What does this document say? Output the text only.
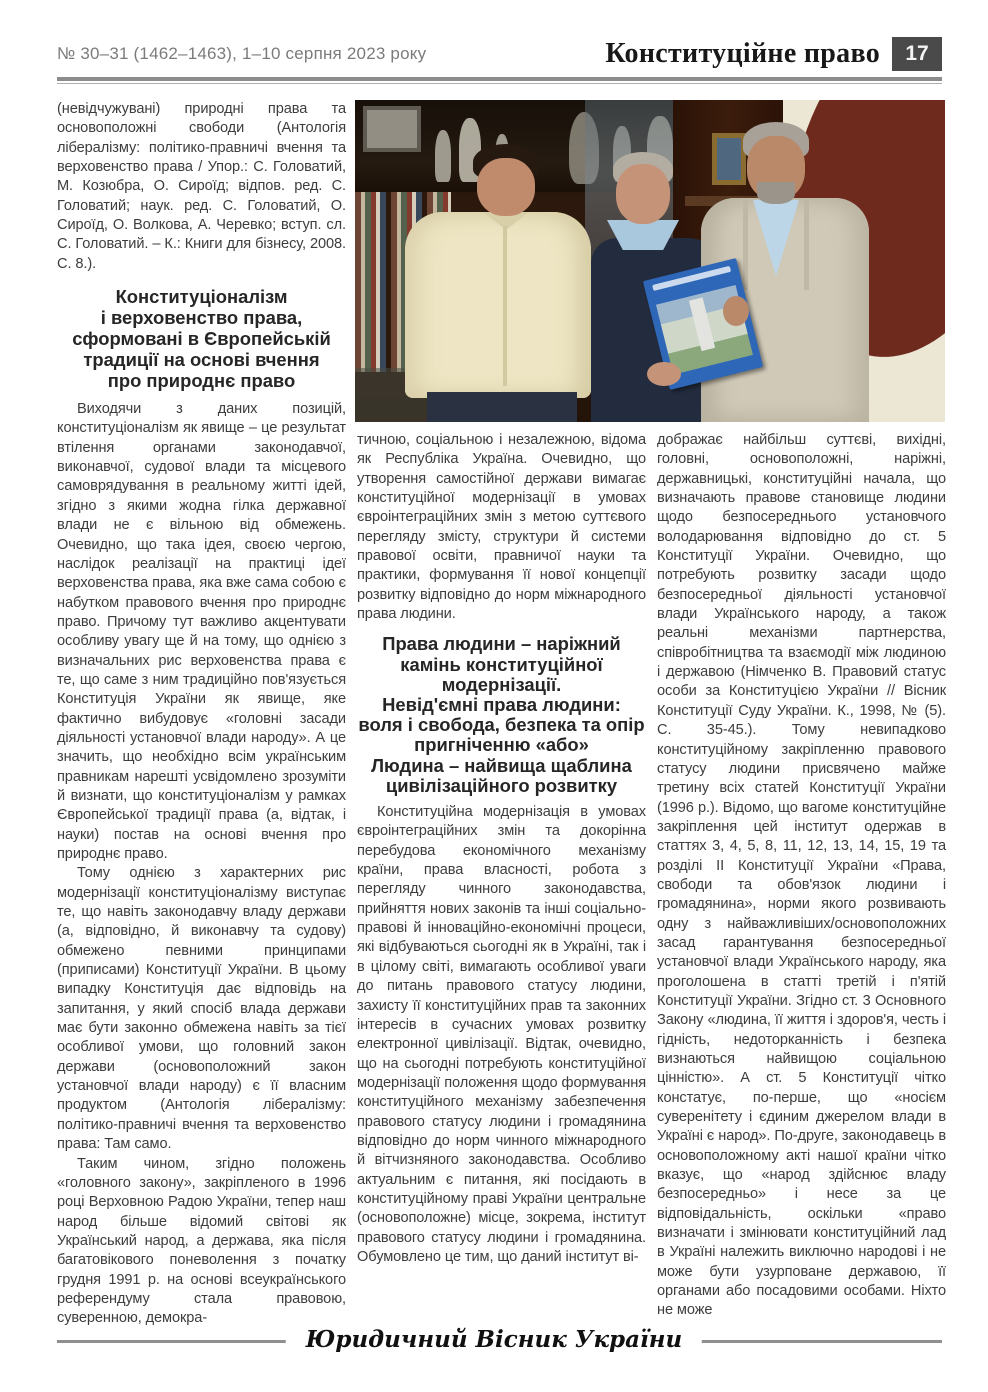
№ 30–31 (1462–1463), 1–10 серпня 2023 року	Конституційне право	17

(невідчужувані) природні права та основоположні свободи (Антологія лібералізму: політико-правничі вчення та верховенство права / Упор.: С. Головатий, М. Козюбра, О. Сироїд; відпов. ред. С. Головатий; наук. ред. С. Головатий, О. Сироїд, О. Волкова, А. Черевко; вступ. сл. С. Головатий. – К.: Книги для бізнесу, 2008. С. 8.).

Конституціоналізм
і верховенство права,
сформовані в Європейській
традиції на основі вчення
про природнє право

Виходячи з даних позицій, конституціоналізм як явище – це результат втілення органами законодавчої, виконавчої, судової влади та місцевого самоврядування в реальному житті ідей, згідно з якими жодна гілка державної влади не є вільною від обмежень. Очевидно, що така ідея, своєю чергою, наслідок реалізації на практиці ідеї верховенства права, яка вже сама собою є набутком правового вчення про природнє право. Причому тут важливо акцентувати особливу увагу ще й на тому, що однією з визначальних рис верховенства права є те, що саме з ним традиційно пов'язується Конституція України як явище, яке фактично вибудовує «головні засади діяльності установчої влади народу». А це значить, що необхідно всім українським правникам нарешті усвідомлено зрозуміти й визнати, що конституціоналізм у рамках Європейської традиції права (а, відтак, і науки) постав на основі вчення про природнє право.

Тому однією з характерних рис модернізації конституціоналізму виступає те, що навіть законодавчу владу держави (а, відповідно, й виконавчу та судову) обмежено певними принципами (приписами) Конституції України. В цьому випадку Конституція дає відповідь на запитання, у який спосіб влада держави має бути законно обмежена навіть за тієї особливої умови, що головний закон держави (основоположний закон установчої влади народу) є її власним продуктом (Антологія лібералізму: політико-правничі вчення та верховенство права: Там само.

Таким чином, згідно положень «головного закону», закріпленого в 1996 році Верховною Радою України, тепер наш народ більше відомий світові як Український народ, а держава, яка після багатовікового поневолення з початку грудня 1991 р. на основі всеукраїнського референдуму стала правовою, суверенною, демокра-

тичною, соціальною і незалежною, відома як Республіка Україна. Очевидно, що утворення самостійної держави вимагає конституційної модернізації в умовах євроінтеграційних змін з метою суттєвого перегляду змісту, структури й системи правової освіти, правничої науки та практики, формування її нової концепції розвитку відповідно до норм міжнародного права людини.

Права людини – наріжний
камінь конституційної
модернізації.
Невід'ємні права людини:
воля і свобода, безпека та опір
пригніченню «або»
Людина – найвища щаблина
цивілізаційного розвитку

Конституційна модернізація в умовах євроінтеграційних змін та докорінна перебудова економічного механізму країни, права власності, робота з перегляду чинного законодавства, прийняття нових законів та інші соціально-правові й інноваційно-економічні процеси, які відбуваються сьогодні як в Україні, так і в цілому світі, вимагають особливої уваги до питань правового статусу людини, захисту її конституційних прав та законних інтересів в сучасних умовах розвитку електронної цивілізації. Відтак, очевидно, що на сьогодні потребують конституційної модернізації положення щодо формування конституційного механізму забезпечення правового статусу людини і громадянина відповідно до норм чинного міжнародного й вітчизняного законодавства. Особливо актуальним є питання, які посідають в конституційному праві України центральне (основоположне) місце, зокрема, інститут правового статусу людини і громадянина. Обумовлено це тим, що даний інститут ві-

дображає найбільш суттєві, вихідні, головні, основоположні, наріжні, державницькі, конституційні начала, що визначають правове становище людини щодо безпосереднього установчого володарювання відповідно до ст. 5 Конституції України. Очевидно, що потребують розвитку засади щодо безпосередньої діяльності установчої влади Українського народу, а також реальні механізми партнерства, співробітництва та взаємодії між людиною і державою (Німченко В. Правовий статус особи за Конституцією України // Вісник Конституції Суду України. К., 1998, № (5). С. 35-45.). Тому невипадково конституційному закріпленню правового статусу людини присвячено майже третину всіх статей Конституції України (1996 р.). Відомо, що вагоме конституційне закріплення цей інститут одержав в статтях 3, 4, 5, 8, 11, 12, 13, 14, 15, 19 та розділі II Конституції України «Права, свободи та обов'язок людини і громадянина», норми якого розвивають одну з найважливіших/основоположних засад гарантування безпосередньої установчої влади Українського народу, яка проголошена в статті третій і п'ятій Конституції України. Згідно ст. 3 Основного Закону «людина, її життя і здоров'я, честь і гідність, недоторканність і безпека визнаються найвищою соціальною цінністю». А ст. 5 Конституції чітко констатує, по-перше, що «носієм суверенітету і єдиним джерелом влади в Україні є народ». По-друге, законодавець в основоположному акті нашої країни чітко вказує, що «народ здійснює владу безпосередньо» і несе за це відповідальність, оскільки «право визначати і змінювати конституційний лад в Україні належить виключно народові і не може бути узурповане державою, її органами або посадовими особами. Ніхто не може

Юридичний Вісник України
